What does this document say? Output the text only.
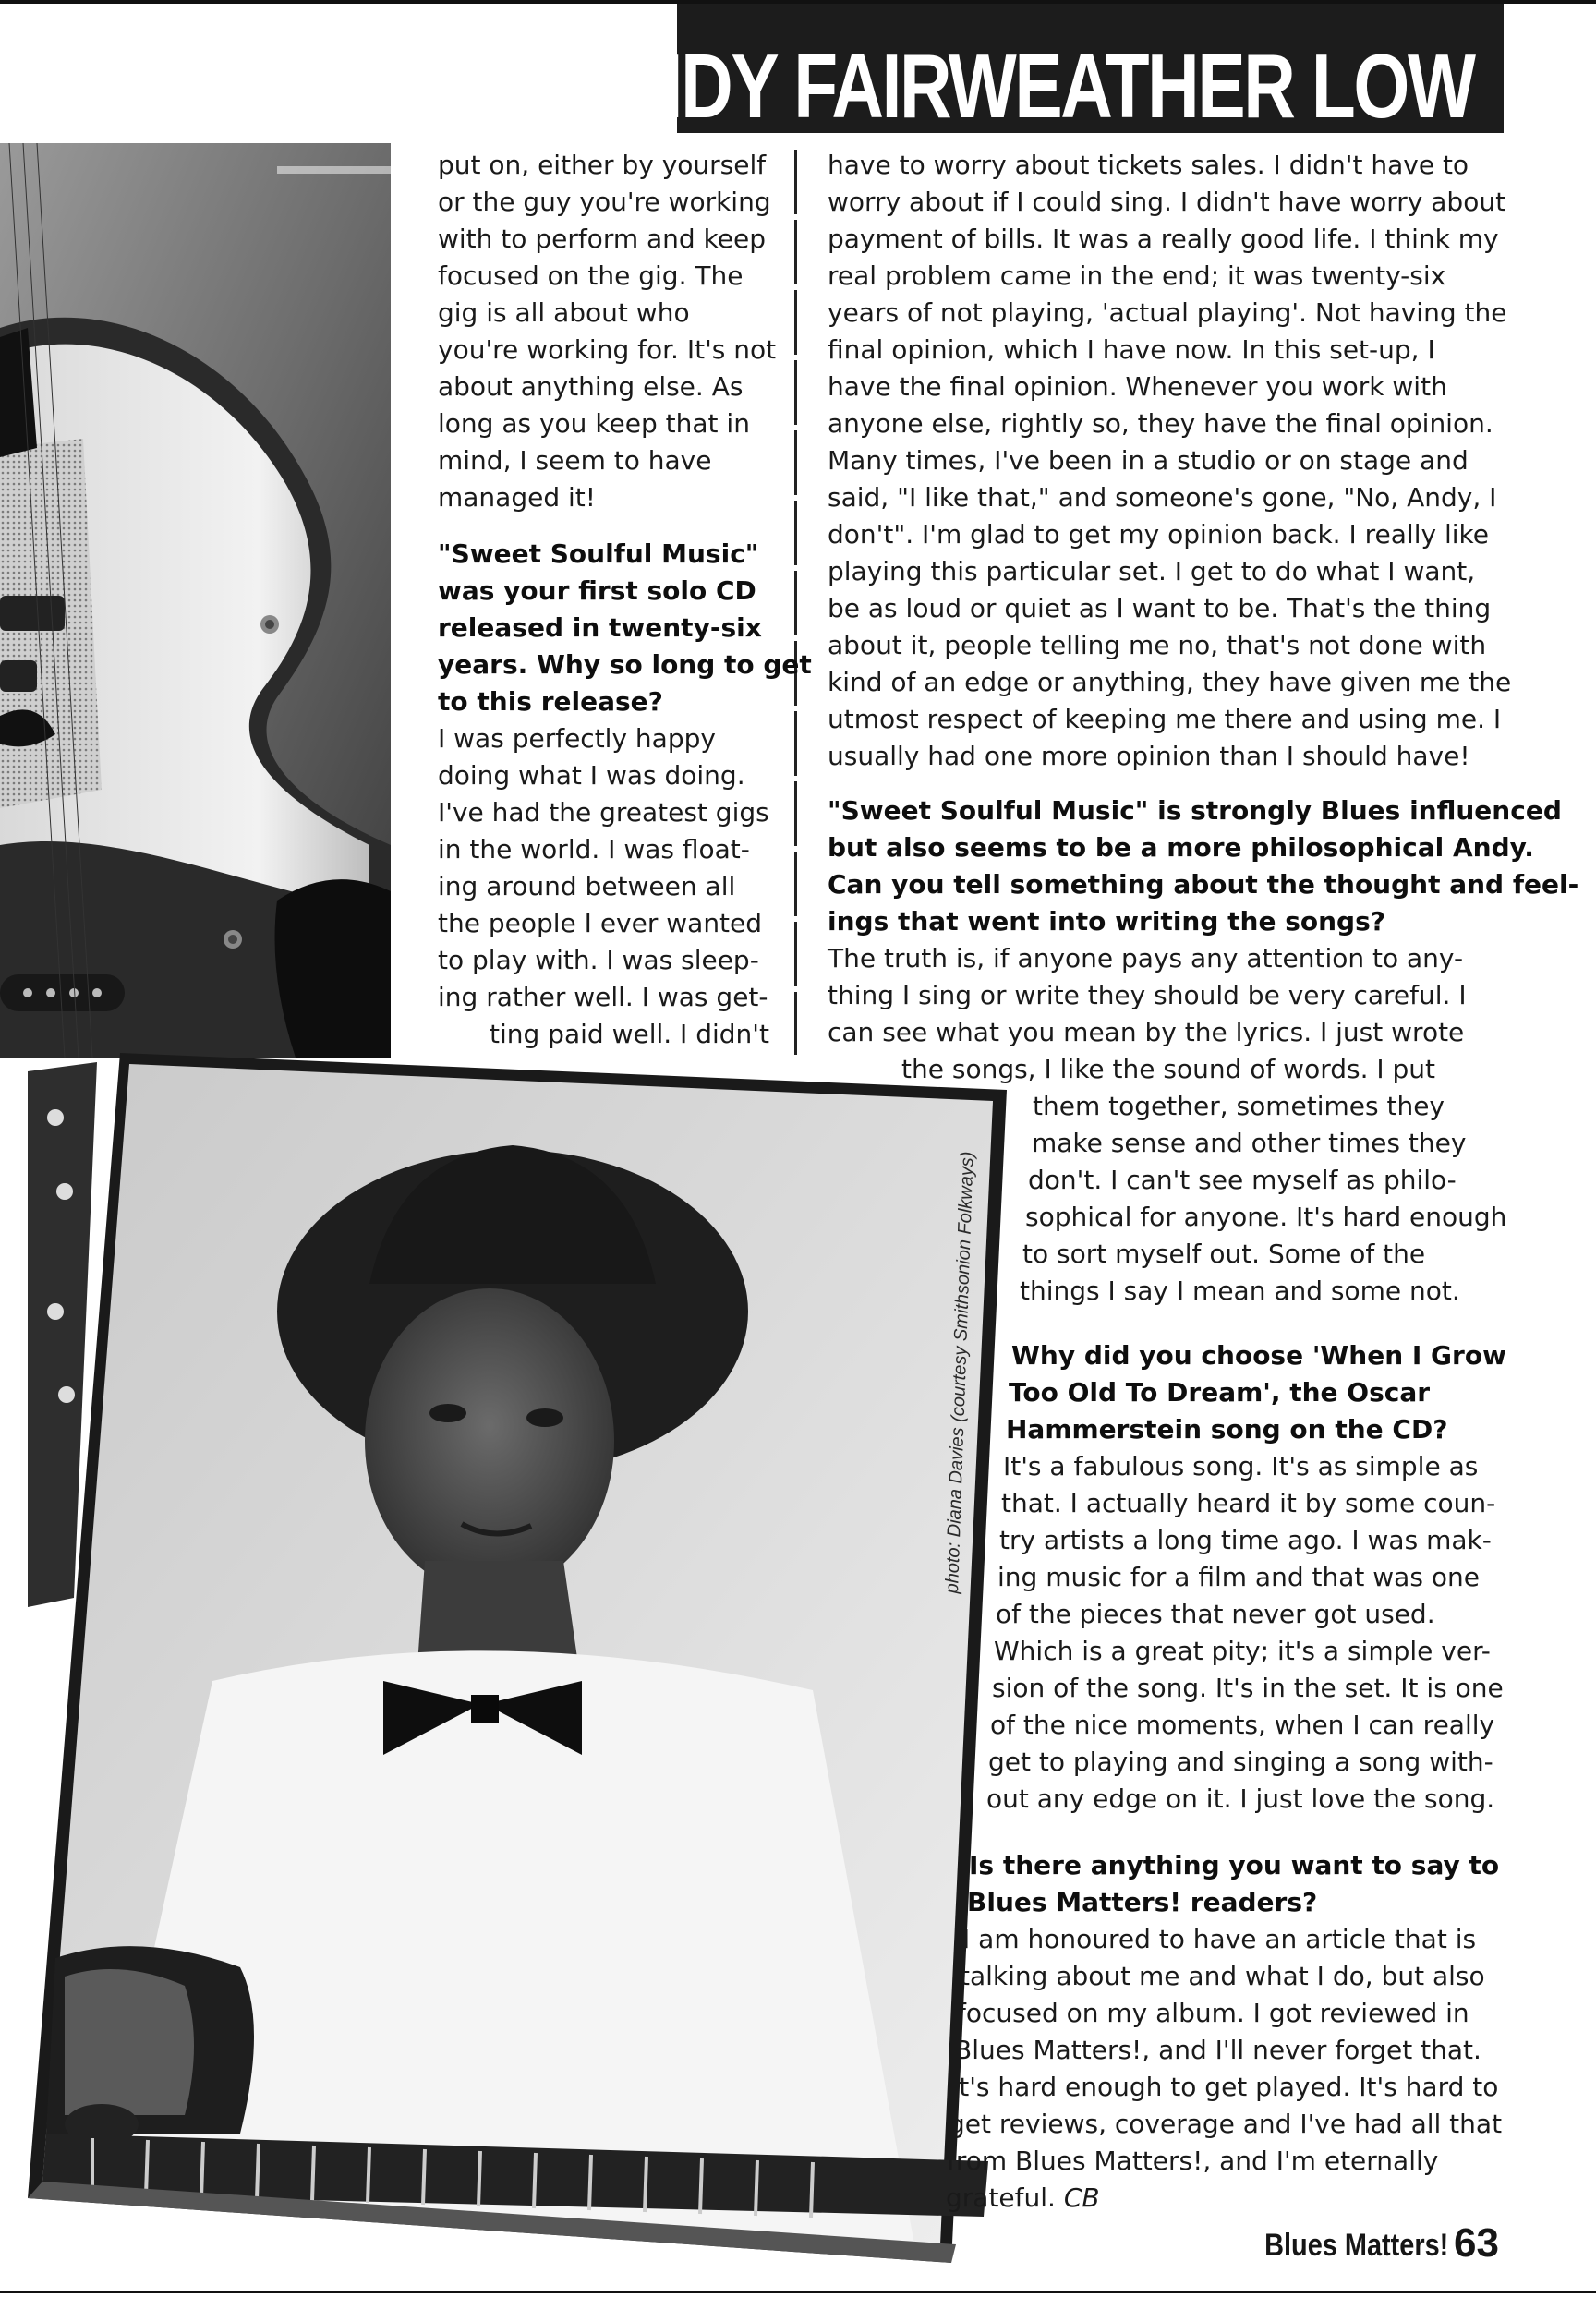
ANDY FAIRWEATHER LOW
photo: Diana Davies (courtesy Smithsonion Folkways)
put on, either by yourself
or the guy you're working
with to perform and keep
focused on the gig. The
gig is all about who
you're working for. It's not
about anything else. As
long as you keep that in
mind, I seem to have
managed it!
"Sweet Soulful Music"
was your first solo CD
released in twenty-six
years. Why so long to get
to this release?
I was perfectly happy
doing what I was doing.
I've had the greatest gigs
in the world. I was float-
ing around between all
the people I ever wanted
to play with. I was sleep-
ing rather well. I was get-
ting paid well. I didn't
have to worry about tickets sales. I didn't have to
worry about if I could sing. I didn't have worry about
payment of bills. It was a really good life. I think my
real problem came in the end; it was twenty-six
years of not playing, 'actual playing'. Not having the
final opinion, which I have now. In this set-up, I
have the final opinion. Whenever you work with
anyone else, rightly so, they have the final opinion.
Many times, I've been in a studio or on stage and
said, "I like that," and someone's gone, "No, Andy, I
don't". I'm glad to get my opinion back. I really like
playing this particular set. I get to do what I want,
be as loud or quiet as I want to be. That's the thing
about it, people telling me no, that's not done with
kind of an edge or anything, they have given me the
utmost respect of keeping me there and using me. I
usually had one more opinion than I should have!
"Sweet Soulful Music" is strongly Blues influenced
but also seems to be a more philosophical Andy.
Can you tell something about the thought and feel-
ings that went into writing the songs?
The truth is, if anyone pays any attention to any-
thing I sing or write they should be very careful. I
can see what you mean by the lyrics. I just wrote
the songs, I like the sound of words. I put
them together, sometimes they
make sense and other times they
don't. I can't see myself as philo-
sophical for anyone. It's hard enough
to sort myself out. Some of the
things I say I mean and some not.
Why did you choose 'When I Grow
Too Old To Dream', the Oscar
Hammerstein song on the CD?
It's a fabulous song. It's as simple as
that. I actually heard it by some coun-
try artists a long time ago. I was mak-
ing music for a film and that was one
of the pieces that never got used.
Which is a great pity; it's a simple ver-
sion of the song. It's in the set. It is one
of the nice moments, when I can really
get to playing and singing a song with-
out any edge on it. I just love the song.
Is there anything you want to say to
Blues Matters! readers?
I am honoured to have an article that is
talking about me and what I do, but also
focused on my album. I got reviewed in
Blues Matters!, and I'll never forget that.
It's hard enough to get played. It's hard to
get reviews, coverage and I've had all that
from Blues Matters!, and I'm eternally
grateful. CB
Blues Matters! 63
